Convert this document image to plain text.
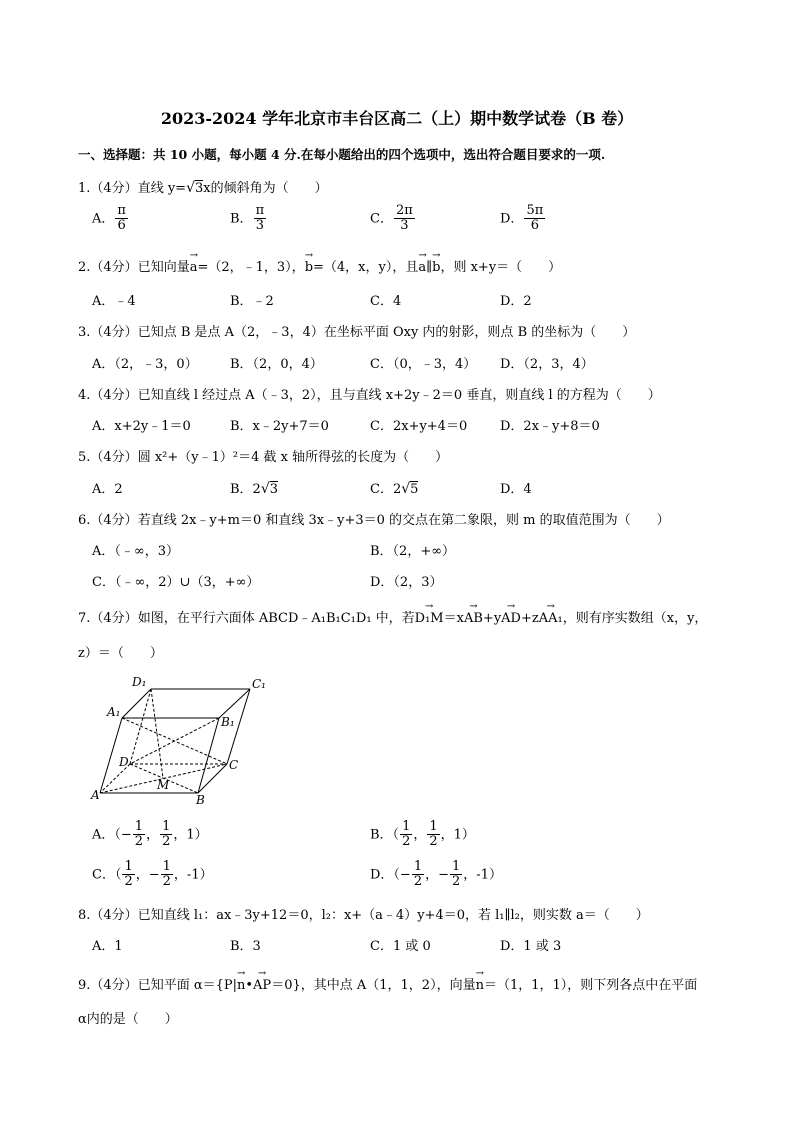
2023-2024 学年北京市丰台区高二（上）期中数学试卷（B 卷）
一、选择题：共 10 小题，每小题 4 分.在每小题给出的四个选项中，选出符合题目要求的一项.
1.（4分）直线 y=√3x的倾斜角为（　　）
A． $\frac{\pi}{6}$	B． $\frac{\pi}{3}$	C． $\frac{2\pi}{3}$	D． $\frac{5\pi}{6}$
2.（4分）已知向量→ a=（2，﹣1，3），→ b=（4，x，y），且→ a∥→ b，则 x+y＝（　　）
A．﹣4	B．﹣2	C．4	D．2
3.（4分）已知点 B 是点 A（2，﹣3，4）在坐标平面 Oxy 内的射影，则点 B 的坐标为（　　）
A．（2，﹣3，0） B．（2，0，4）	C．（0，﹣3，4） D．（2，3，4）
4.（4分）已知直线 l 经过点 A（﹣3，2），且与直线 x+2y﹣2＝0 垂直，则直线 l 的方程为（　　）
A．x+2y﹣1＝0	B．x﹣2y+7＝0	C．2x+y+4＝0	D．2x﹣y+8＝0
5.（4分）圆 x²+（y﹣1）²＝4 截 x 轴所得弦的长度为（　　）
A．2	B．2√3	C．2√5	D．4
6.（4分）若直线 2x﹣y+m＝0 和直线 3x﹣y+3＝0 的交点在第二象限，则 m 的取值范围为（　　）
A．（﹣∞，3）	B．（2，+∞）
C．（﹣∞，2）∪（3，+∞）	D．（2，3）
7.（4分）如图，在平行六面体 ABCD﹣A₁B₁C₁D₁ 中，若→ D₁M＝x→ AB+y→ AD+z→ AA₁，则有序实数组（x，y，
z）＝（　　）
D₁	C₁
A₁
B₁
D	C
A
M
B
A．（− $\frac{1}{2}$ ， $\frac{1}{2}$ ，1）	B．（ $\frac{1}{2}$ ， $\frac{1}{2}$ ，1）
C．（ $\frac{1}{2}$ ，− $\frac{1}{2}$ ，-1）	D．（− $\frac{1}{2}$ ，− $\frac{1}{2}$ ，-1）
8.（4分）已知直线 l₁：ax﹣3y+12＝0，l₂：x+（a﹣4）y+4＝0，若 l₁∥l₂，则实数 a＝（　　）
A．1	B．3	C．1 或 0	D．1 或 3
9.（4分）已知平面 α＝{P|→ n•→ AP＝0}，其中点 A（1，1，2），向量→ n＝（1，1，1），则下列各点中在平面
α内的是（　　）
